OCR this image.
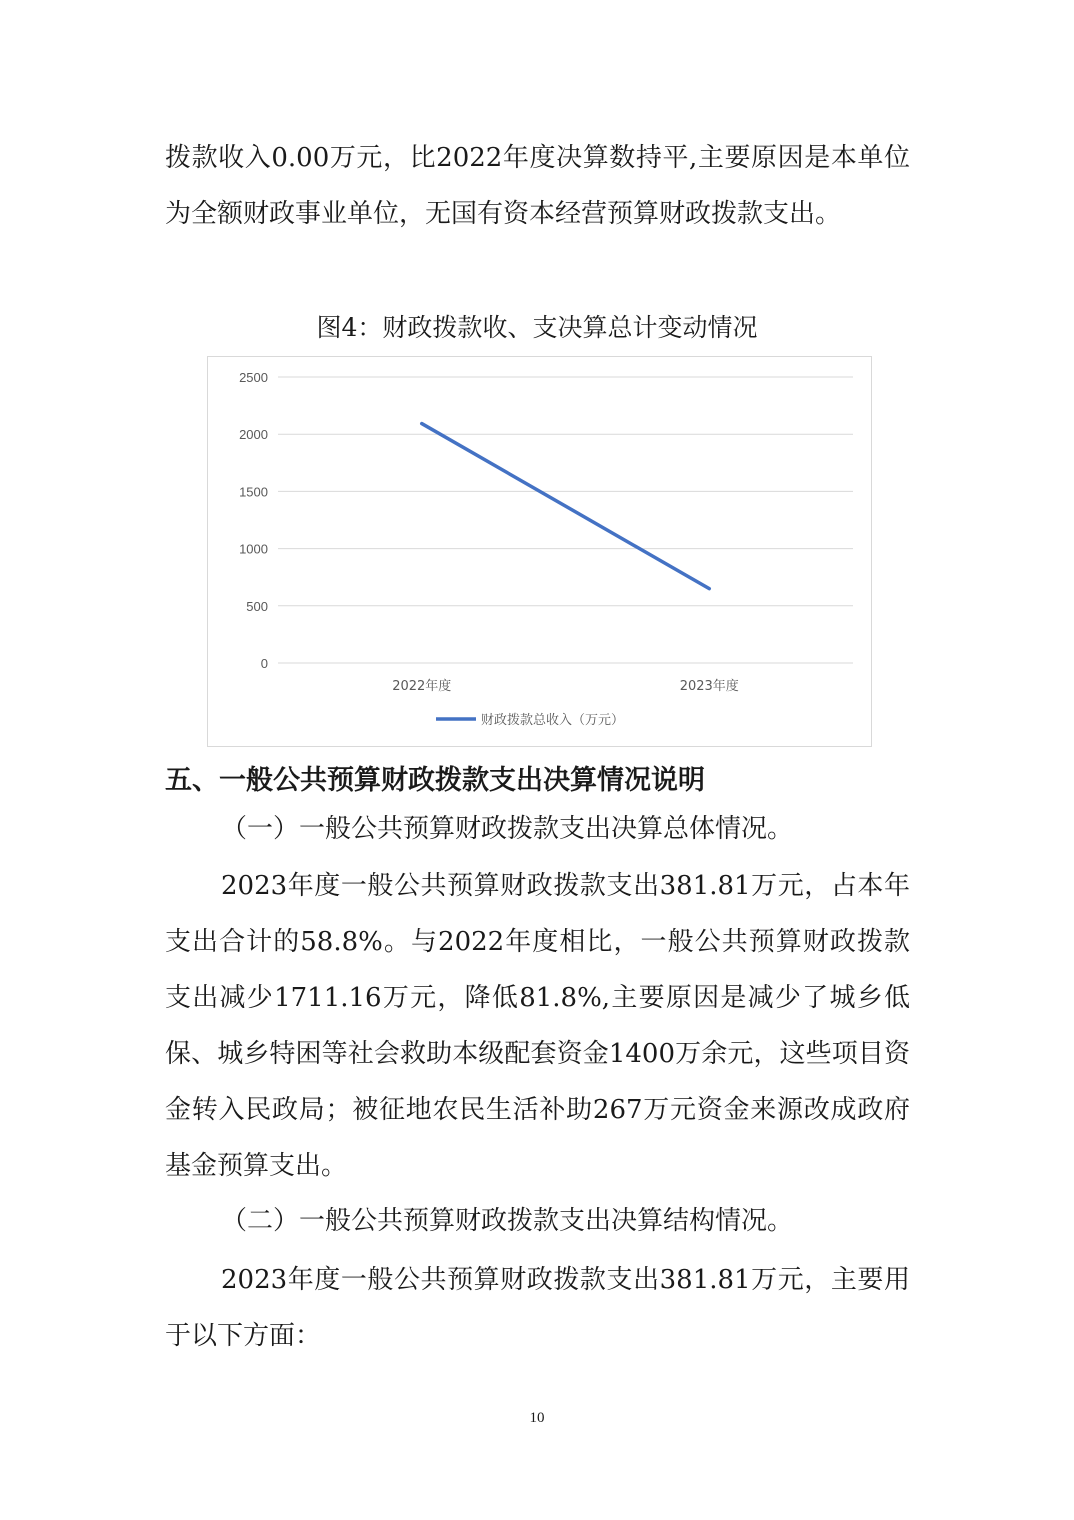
拨款收入0.00万元，比2022年度决算数持平,主要原因是本单位为全额财政事业单位，无国有资本经营预算财政拨款支出。

图4：财政拨款收、支决算总计变动情况
0
500
1000
1500
2000
2500
2022年度	2023年度
财政拨款总收入（万元）
五、一般公共预算财政拨款支出决算情况说明

（一）一般公共预算财政拨款支出决算总体情况。

2023年度一般公共预算财政拨款支出381.81万元，占本年支出合计的58.8%。与2022年度相比，一般公共预算财政拨款支出减少1711.16万元，降低81.8%,主要原因是减少了城乡低保、城乡特困等社会救助本级配套资金1400万余元，这些项目资金转入民政局；被征地农民生活补助267万元资金来源改成政府基金预算支出。

（二）一般公共预算财政拨款支出决算结构情况。

2023年度一般公共预算财政拨款支出381.81万元，主要用于以下方面：

10
